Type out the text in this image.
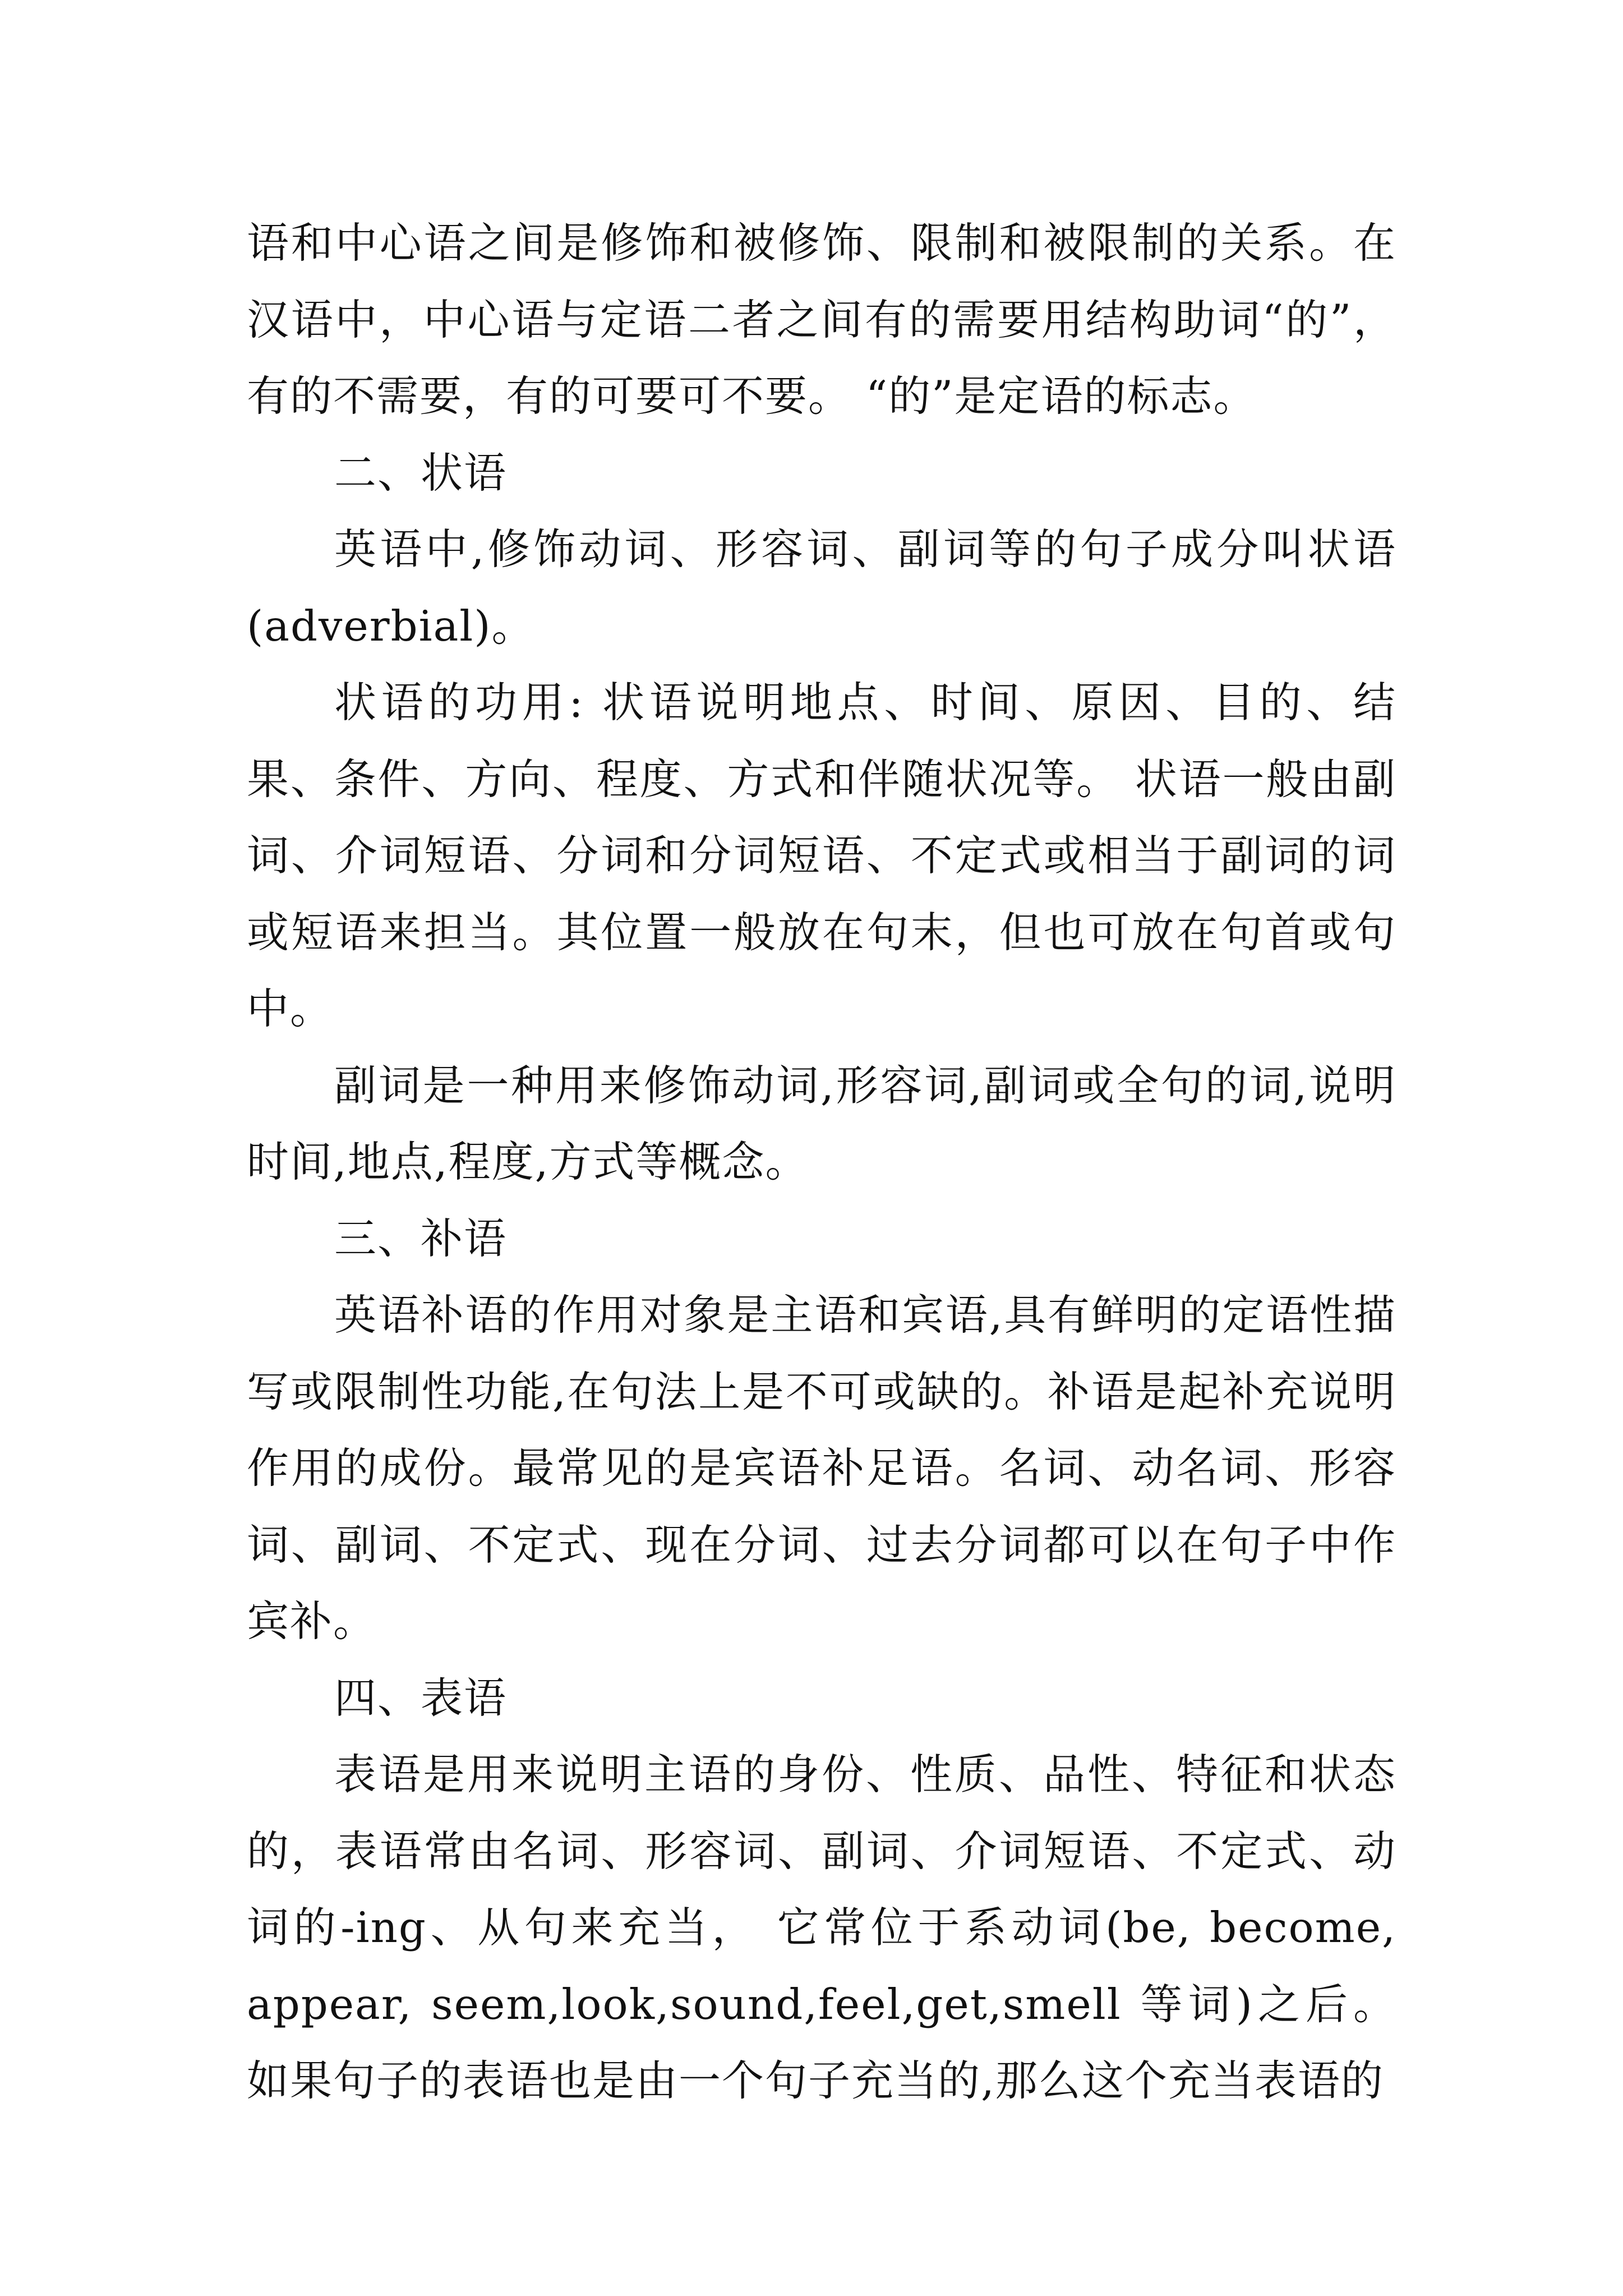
语和中心语之间是修饰和被修饰、限制和被限制的关系。在汉语中，中心语与定语二者之间有的需要用结构助词“的”，有的不需要，有的可要可不要。 “的”是定语的标志。

二、状语

英语中,修饰动词、形容词、副词等的句子成分叫状语(adverbial)。

状语的功用: 状语说明地点、时间、原因、目的、结果、条件、方向、程度、方式和伴随状况等。 状语一般由副词、介词短语、分词和分词短语、不定式或相当于副词的词或短语来担当。其位置一般放在句末，但也可放在句首或句中。

副词是一种用来修饰动词,形容词,副词或全句的词,说明时间,地点,程度,方式等概念。

三、补语

英语补语的作用对象是主语和宾语,具有鲜明的定语性描写或限制性功能,在句法上是不可或缺的。补语是起补充说明作用的成份。最常见的是宾语补足语。名词、动名词、形容词、副词、不定式、现在分词、过去分词都可以在句子中作宾补。

四、表语

表语是用来说明主语的身份、性质、品性、特征和状态的，表语常由名词、形容词、副词、介词短语、不定式、动词的-ing、从句来充当， 它常位于系动词(be, become, appear, seem,look,sound,feel,get,smell 等词)之后。如果句子的表语也是由一个句子充当的,那么这个充当表语的
